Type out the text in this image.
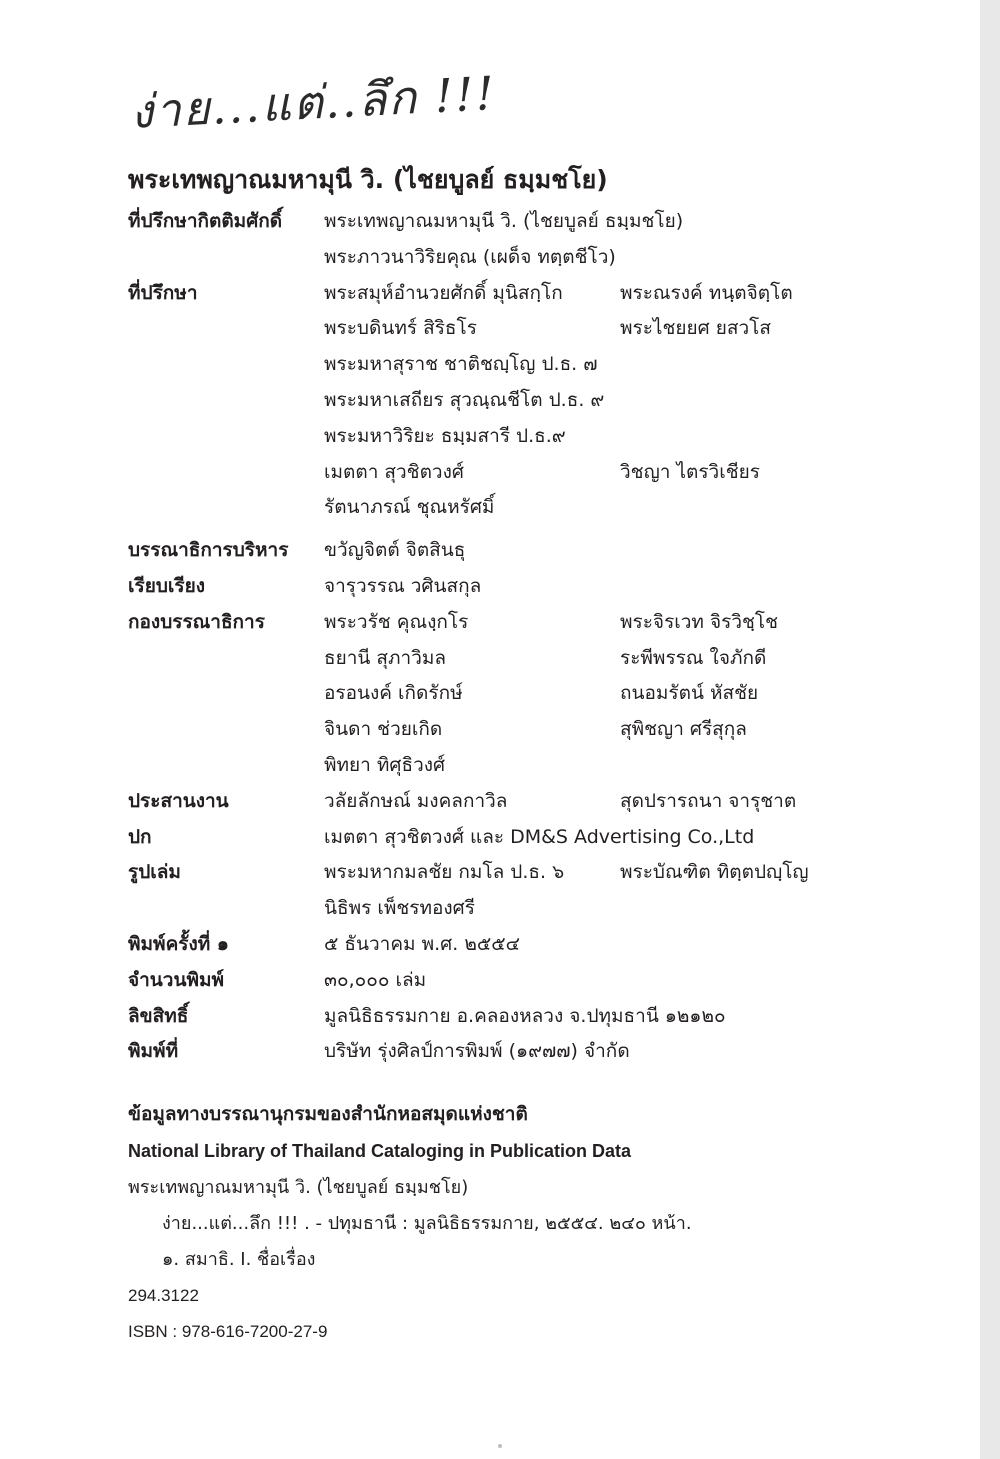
ง่าย...แต่..ลึก !!!
พระเทพญาณมหามุนี วิ. (ไชยบูลย์ ธมฺมชโย)
ที่ปรึกษากิตติมศักดิ์	พระเทพญาณมหามุนี วิ. (ไชยบูลย์ ธมฺมชโย)
พระภาวนาวิริยคุณ (เผด็จ ทตฺตชีโว)
ที่ปรึกษา	พระสมุห์อำนวยศักดิ์ มุนิสกฺโก	พระณรงค์ ทนฺตจิตฺโต
พระบดินทร์ สิริธโร	พระไชยยศ ยสวโส
พระมหาสุราช ชาติชญฺโญ ป.ธ. ๗
พระมหาเสถียร สุวณฺณชีโต ป.ธ. ๙
พระมหาวิริยะ ธมฺมสารี ป.ธ.๙
เมตตา สุวชิตวงศ์	วิชญา ไตรวิเชียร
รัตนาภรณ์ ชุณหรัศมิ์
บรรณาธิการบริหาร	ขวัญจิตต์ จิตสินธุ
เรียบเรียง	จารุวรรณ วศินสกุล
กองบรรณาธิการ	พระวรัช คุณงฺกโร	พระจิรเวท จิรวิชฺโช
ธยานี สุภาวิมล	ระพีพรรณ ใจภักดี
อรอนงค์ เกิดรักษ์	ถนอมรัตน์ หัสชัย
จินดา ช่วยเกิด	สุพิชญา ศรีสุกุล
พิทยา ทิศุธิวงศ์
ประสานงาน	วลัยลักษณ์ มงคลกาวิล	สุดปรารถนา จารุชาต
ปก	เมตตา สุวชิตวงศ์ และ DM&S Advertising Co.,Ltd
รูปเล่ม	พระมหากมลชัย กมโล ป.ธ. ๖	พระบัณฑิต ทิตฺตปญฺโญ
นิธิพร เพ็ชรทองศรี
พิมพ์ครั้งที่ ๑	๕ ธันวาคม พ.ศ. ๒๕๕๔
จำนวนพิมพ์	๓๐,๐๐๐ เล่ม
ลิขสิทธิ์	มูลนิธิธรรมกาย อ.คลองหลวง จ.ปทุมธานี ๑๒๑๒๐
พิมพ์ที่	บริษัท รุ่งศิลป์การพิมพ์ (๑๙๗๗) จำกัด
ข้อมูลทางบรรณานุกรมของสำนักหอสมุดแห่งชาติ
National Library of Thailand Cataloging in Publication Data
พระเทพญาณมหามุนี วิ. (ไชยบูลย์ ธมฺมชโย)
ง่าย...แต่...ลึก !!! . - ปทุมธานี : มูลนิธิธรรมกาย, ๒๕๕๔. ๒๔๐ หน้า.
๑. สมาธิ. I. ชื่อเรื่อง
294.3122
ISBN : 978-616-7200-27-9
